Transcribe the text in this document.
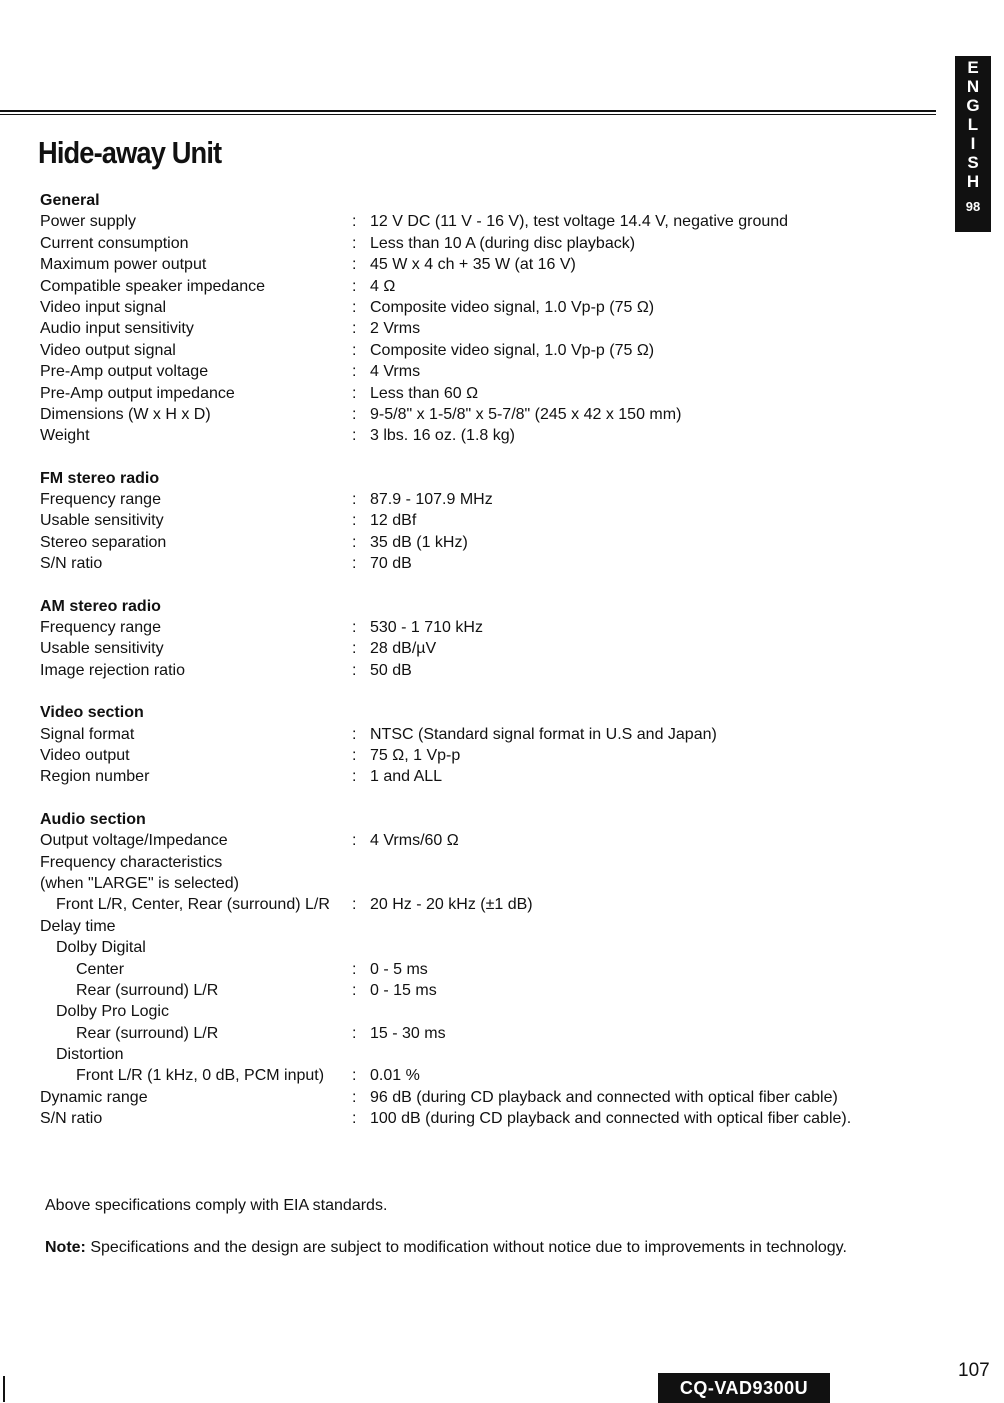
E
N
G
L
I
S
H
98
Hide-away Unit
General
Power supply	: 12 V DC (11 V - 16 V), test voltage 14.4 V, negative ground
Current consumption	: Less than 10 A (during disc playback)
Maximum power output	: 45 W x 4 ch + 35 W (at 16 V)
Compatible speaker impedance	: 4 Ω
Video input signal	: Composite video signal, 1.0 Vp-p (75 Ω)
Audio input sensitivity	: 2 Vrms
Video output signal	: Composite video signal, 1.0 Vp-p (75 Ω)
Pre-Amp output voltage	: 4 Vrms
Pre-Amp output impedance	: Less than 60 Ω
Dimensions (W x H x D)	: 9-5/8" x 1-5/8" x 5-7/8" (245 x 42 x 150 mm)
Weight	: 3 lbs. 16 oz. (1.8 kg)
FM stereo radio
Frequency range	: 87.9 - 107.9 MHz
Usable sensitivity	: 12 dBf
Stereo separation	: 35 dB (1 kHz)
S/N ratio	: 70 dB
AM stereo radio
Frequency range	: 530 - 1 710 kHz
Usable sensitivity	: 28 dB/µV
Image rejection ratio	: 50 dB
Video section
Signal format	: NTSC (Standard signal format in U.S and Japan)
Video output	: 75 Ω, 1 Vp-p
Region number	: 1 and ALL
Audio section
Output voltage/Impedance	: 4 Vrms/60 Ω
Frequency characteristics
(when "LARGE" is selected)
Front L/R, Center, Rear (surround) L/R	: 20 Hz - 20 kHz (±1 dB)
Delay time
Dolby Digital
Center	: 0 - 5 ms
Rear (surround) L/R	: 0 - 15 ms
Dolby Pro Logic
Rear (surround) L/R	: 15 - 30 ms
Distortion
Front L/R (1 kHz, 0 dB, PCM input)	: 0.01 %
Dynamic range	: 96 dB (during CD playback and connected with optical fiber cable)
S/N ratio	: 100 dB (during CD playback and connected with optical fiber cable).
Above specifications comply with EIA standards.
Note: Specifications and the design are subject to modification without notice due to improvements in technology.
CQ-VAD9300U
107
